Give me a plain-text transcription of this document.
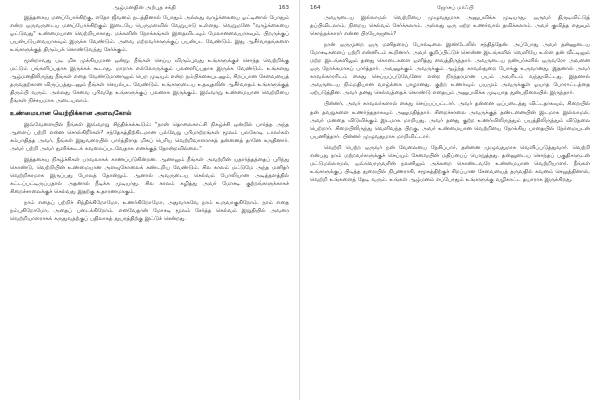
ஆழ்மனதின் அற்புத சக்தி	163

இத்தகைய மனப்போக்கிற்கு, எதோ ஜீவனம் நடத்தினால் போதும் அல்லது வாழ்க்கையை ஓட்டினால் போதும் என்ற ஒருவருடைய மனப்போக்கிற்கும் இடையே பெருமளவில் வேறுபாடு உள்ளது. வெறுமனே "வாழ்க்கையை ஓட்டுவது" உண்மையான வெற்றியாகாது. மக்களின் நோக்கங்கள் இதைவிடவும் மேலானவையாகவும், பிறருக்குப் பயன்படுபவையாகவும் இருக்க வேண்டும். அவை மற்றவர்களுக்குப் பயன்பட வேண்டும். இது ஆசீர்வாதங்களை உங்களுக்குத் திரும்பக் கொண்டுவந்து சேர்க்கும்.

மூன்றாவது படி மிக முக்கியமான ஒன்று. நீங்கள் செய்ய விரும்புவது உங்களுக்குச் சொந்த வெற்றிக்கு மட்டும் பங்களிப்பதாக இருக்கக் கூடாது. மாறாக எல்லோருக்கும் பலனளிப்பதாக இருக்க வேண்டும். உங்களது ஆழ்மனதிலிருந்து நீங்கள் எதை வேண்டுமானாலும் பெற முடியும் என்ற நம்பிக்கையுடனும், சிறப்பான சேவையைத் தருவதற்கான விருப்பத்துடனும் நீங்கள் செயல்பட வேண்டும். உங்களுடைய உதவுதலின் ஆசீர்வாதம் உங்களுக்குத் திரும்பி வரும். அல்லது சேவை புரிவதே உங்களுக்குப் பலனாக இருக்கும். இவ்வாறு உண்மையான வெற்றியை நீங்கள் நிச்சயமாக அடையலாம்.

உண்மையான வெற்றிக்கான அளவுகோல்

இவ்வேளையில் நீங்கள் இவ்வாறு சிந்திக்கக்கூடும்: "நான் தொலைகாட்சி நிகழ்ச்சி ஒன்றில் பார்த்த அந்த ஆளைப் பற்றி என்ன சொல்கிறீர்கள்? சந்தேகத்திற்கிடமான பல்வேறு பரிமாற்றங்கள் மூலம் பலகோடி டாலர்கள் சம்பாதித்த அவர், நீங்கள் இதுவரையில் பார்த்திராத மிகப் பெரிய வெற்றிவாளராகத் தன்னைத் தானே கருதினார். அவர் பற்றி அவர் துளிக்கூடக் கவலைப்படவேதாக எனக்குத் தோன்றவில்லை."

இத்தகைய நிகழ்ச்சிகள் பரவலாகக் காணப்படுகின்றன. ஆனாலும் நீங்கள் அவற்றின் யதார்த்தத்தைப் புரிந்து கொண்டு, வெற்றியின் உண்மையான அளவுகோலைக் கண்டறிய வேண்டும். சில காலம் மட்டுமே அந்த மனிதர் வெற்றிகரமாக இருப்பது போலத் தோன்றும். ஆனால் அவருடைய செல்வம் போலியான அடித்தளத்தில் கட்டப்பட்டிருப்பதால் அதனால் நீடிக்க முடியாது. சில காலம் கழித்து அவர் மோசடி குற்றங்களுக்காகச் சிறைச்சாலைக்குச் செல்வது இதற்கு உதாரணமாகும்.

நாம் எதைப் பற்றிச் சிந்திக்கிறோமோ, உணர்கிறோமோ, அதுவாகவே நாம் உருவாகுகிறோம். நாம் எதை நம்புகிறோமோ, அதைப் படைக்கிறோம். எனவேதான் மோசடி மூலம் சேர்த்த செல்வம் இறுதியில் அவரை வெற்றியாளராகக் கருதுவதற்குப் பதிலாகத் துயரத்திற்கு இட்டுச் சென்றது.

164	ஜோசப் மர்ஃபி

அவருடைய இல்லாமல் வெற்றியை முழுவதுமாக அனுபவிக்க முடியாது. ஒருவர் திருடிவிட்டுத் தப்பிவிடலாம், நிறைய செல்வம் சேர்க்கலாம். அல்லது ஒரு ஏற்ற உணர்வால் தவிக்கலாம். அவர் குவித்த எதுவும் சொந்தக்காரர் என்ன பிரயோஜனம்?

நான் ஒருமுறை ஒரு மனிதரைப் போல்டிலை இண்டேலில் சந்தித்தேன். அப்போது அவர் தன்னுடைய மோசடிகளைப் பற்றி என்னிடம் கூறினார். அவர் குறிப்பிட்டுச் சொன்ன இடங்களில் வெளியே உள்ள தன் வீட்டிலும் மற்ற இடங்களிலும் தனது கொடைகளை ஒளித்து வைத்திருந்தார். அவருடைய நண்பர்களில் ஒருவரோ அவனை ஒரு நோக்கமாகப் பார்த்தார். அவனுக்கும் அவருக்கும் ஆழ்ந்த காவல்துறை போக்கு உருவானது. இதனால் அவர் காவல்காரரிடம் கைது செய்யப்படுவேனோ என்ற நிரந்தரமான பயம் அவரிடம் வந்துவிட்டது. இதனால் அவருடைய நிம்மதியான வாழ்க்கை பாழானது. குற்ற உணர்வும் பயமும் அவருக்குள் ஓயாத போராட்டத்தை ஏற்படுத்தின. அவர் தனது செல்வத்தைக் கொண்டு எதையும் அனுபவிக்க முடியாத துன்பநிலையில் இருந்தார்.

பின்னர், அவர் காவலர்களால் கைது செய்யப்பட்டார். அவர் தன்னை ஒப்படைத்து விட்டதாகவும், சிறையில் தன் தவறுகளை உணர்ந்ததாகவும் அனுமதித்தார். சிறைச்சாலை அவருக்குத் தண்டனையின் இடமாக இல்லாமல், அவர் மனதை விடுவிக்கும் இடமாக மாறியது. அவர் தனது குற்ற உணர்விலிருந்தும் பயத்திலிருந்தும் விடுதலை பெற்றார். சிறையிலிருந்து வெளிவந்த பிறகு, அவர் உண்மையான வெற்றியை நோக்கிய பாதையில் நேர்மையுடன் பயணித்தார். பின்னர் முழுவதுமாக மாறிவிட்டார்.

வெற்றி பெற்ற ஒருவர் நன் வேலையை நேசிப்பார், தன்னை முழுவதுமாக வெளிப்படுத்துவார். வெற்றி என்பது நாம் மற்றவர்களுக்குச் செய்யும் சேவையின் மதிப்பைப் பொறுத்தது. தன்னுடைய சொந்தப் பகுதிகளுடன் மட்டுமல்லாமல், ஒவ்வொருவரின் நலனிலும் அக்கறை கொண்டவரே உண்மையான வெற்றியாளர். நீங்கள் உங்களுக்குப் பிடித்த துறையில் நிபுணராகி, சமூகத்திற்குச் சிறப்பான சேவையைத் தருவதில் கவனம் செலுத்தினால், வெற்றி உங்களைத் தேடி வரும். உங்கள் ஆழ்மனம் எப்போதும் உங்களுக்கு வழிகாட்ட தயாராக இருக்கிறது.
